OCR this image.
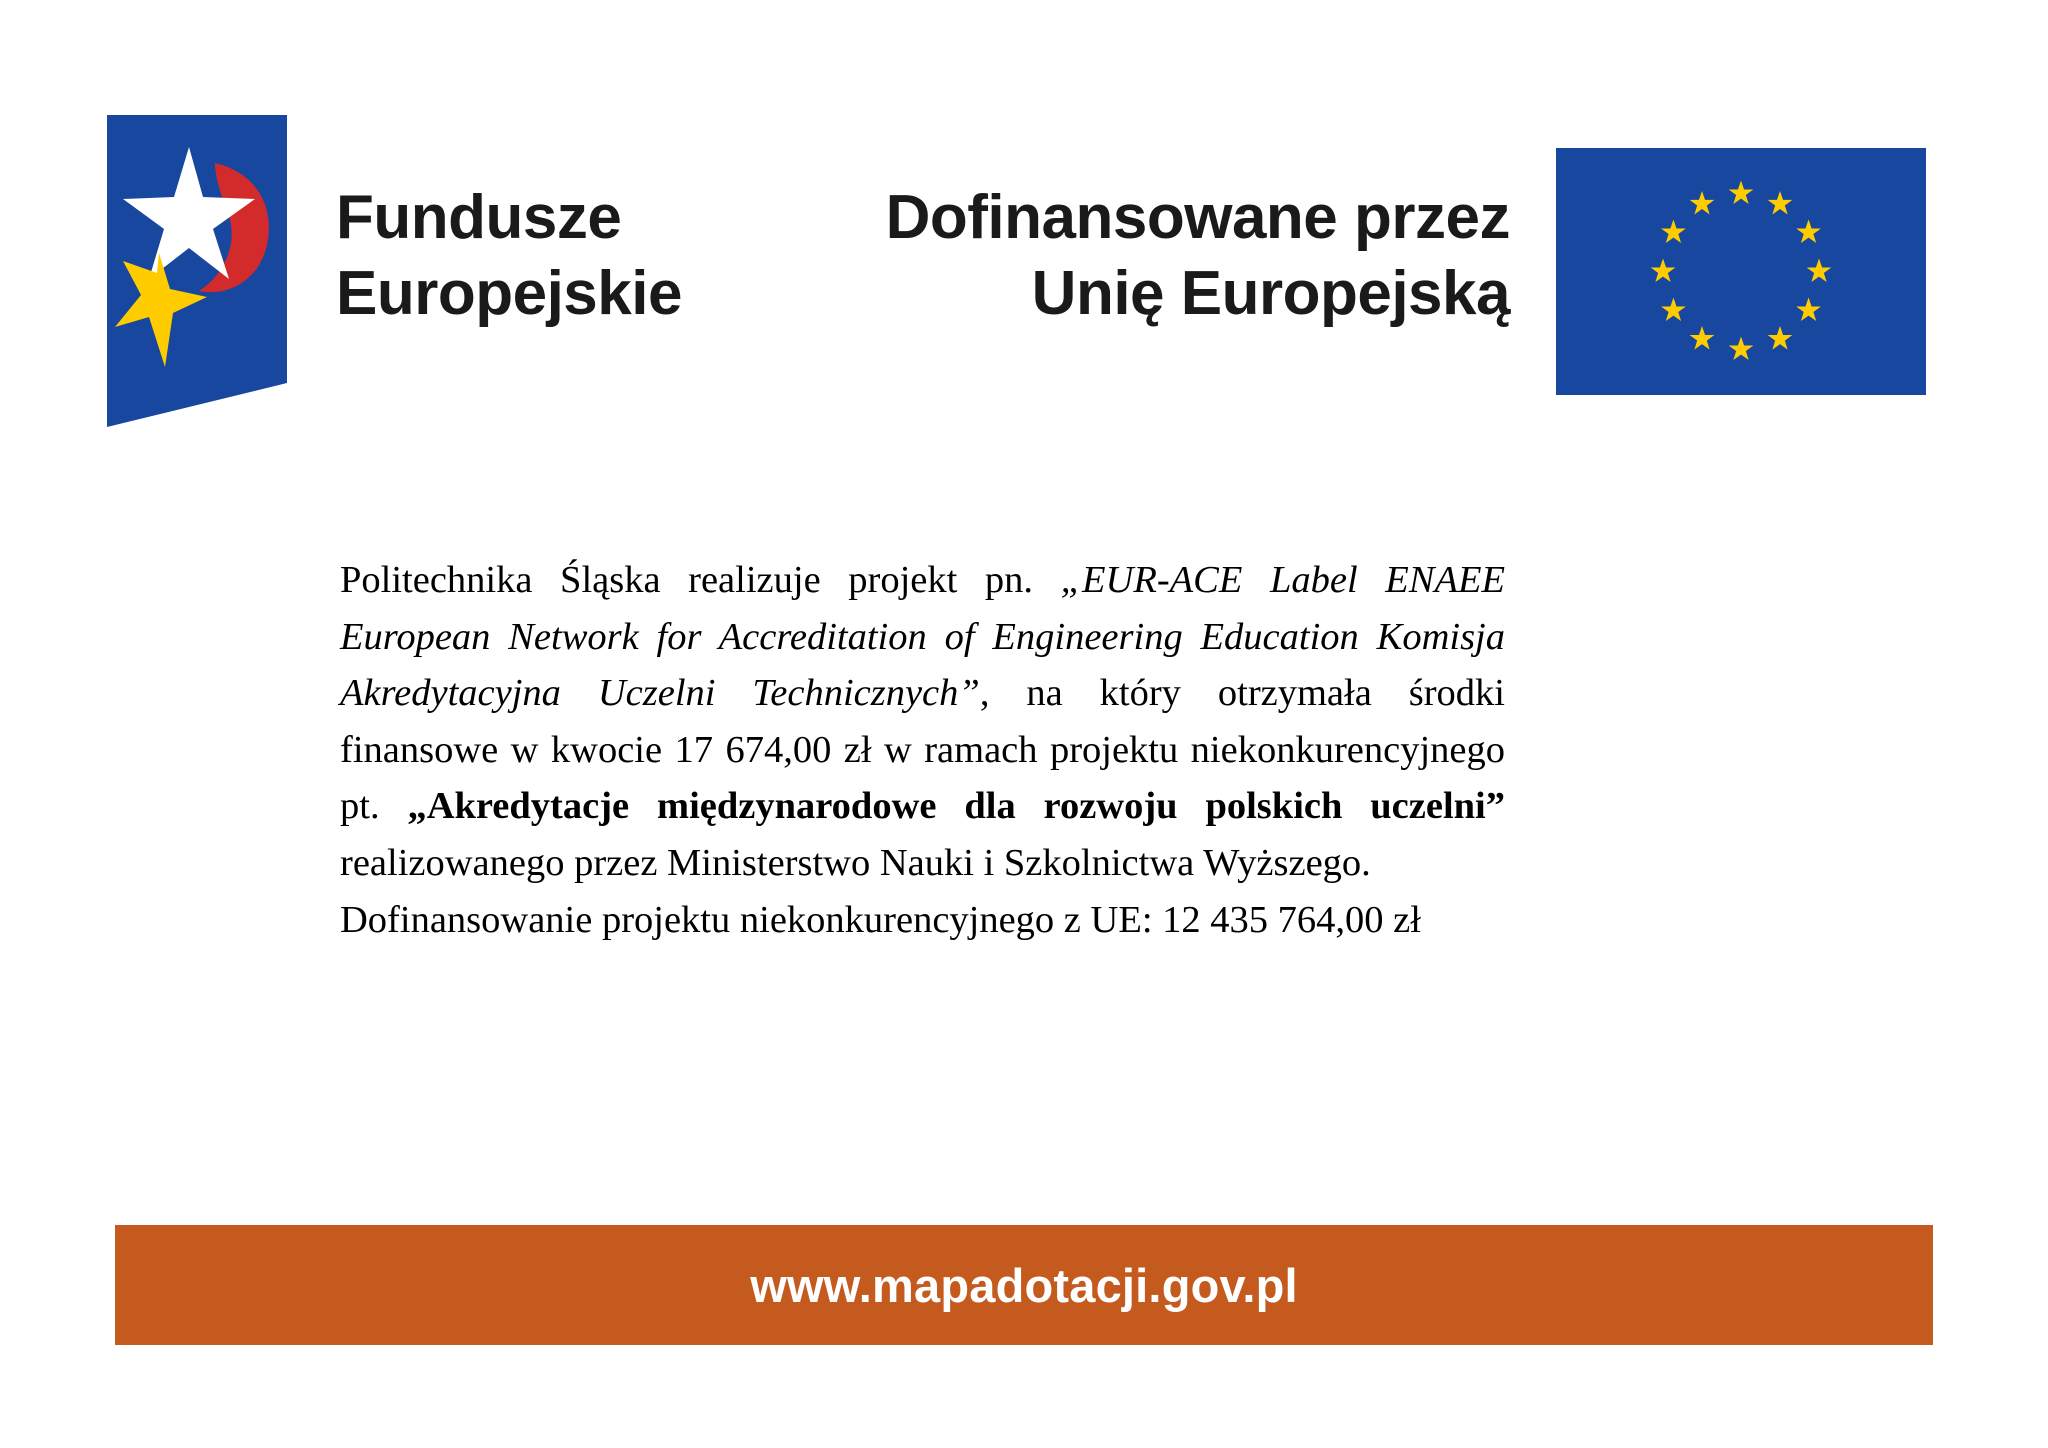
Fundusze
Europejskie
Dofinansowane przez
Unię Europejską

Politechnika Śląska realizuje projekt pn. „EUR-ACE Label ENAEE European Network for Accreditation of Engineering Education Komisja Akredytacyjna Uczelni Technicznych”, na który otrzymała środki finansowe w kwocie 17 674,00 zł w ramach projektu niekonkurencyjnego pt. „Akredytacje międzynarodowe dla rozwoju polskich uczelni” realizowanego przez Ministerstwo Nauki i Szkolnictwa Wyższego.

Dofinansowanie projektu niekonkurencyjnego z UE: 12 435 764,00 zł

www.mapadotacji.gov.pl
